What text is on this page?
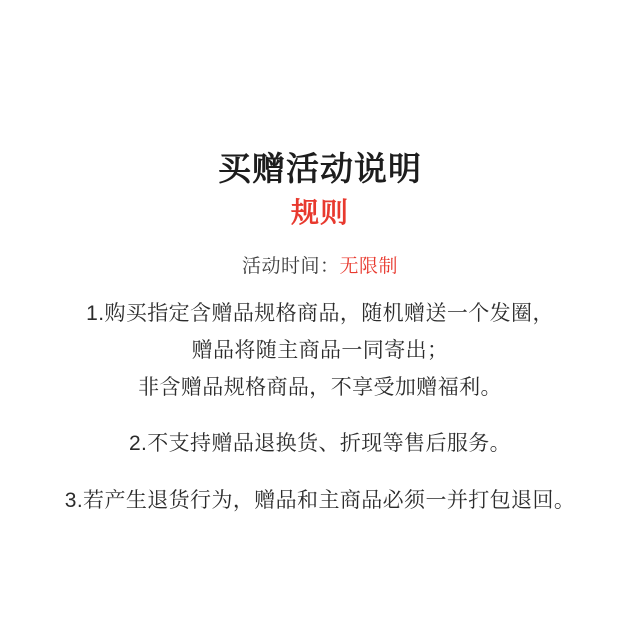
买赠活动说明
规则
活动时间：无限制
1.购买指定含赠品规格商品，随机赠送一个发圈，
赠品将随主商品一同寄出；
非含赠品规格商品，不享受加赠福利。
2.不支持赠品退换货、折现等售后服务。
3.若产生退货行为，赠品和主商品必须一并打包退回。
